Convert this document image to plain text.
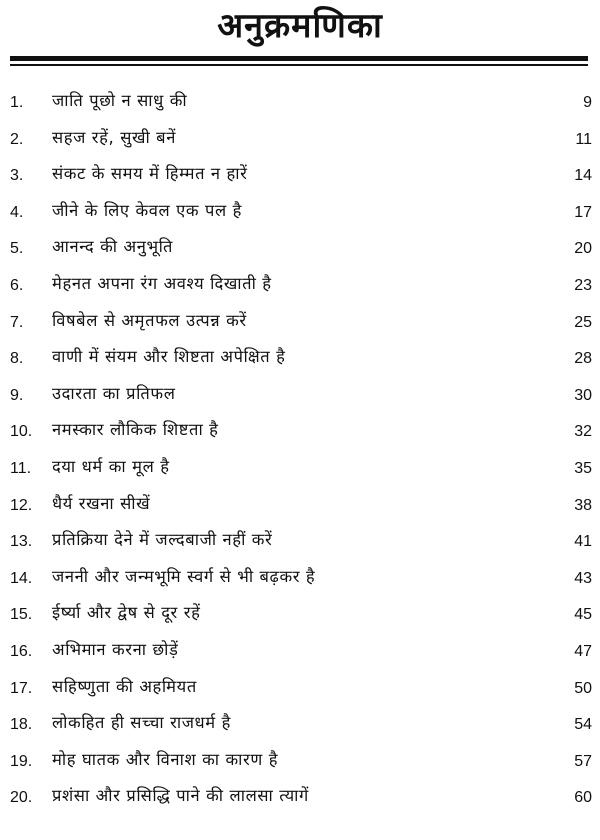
अनुक्रमणिका
1. जाति पूछो न साधु की	9
2. सहज रहें, सुखी बनें	11
3. संकट के समय में हिम्मत न हारें	14
4. जीने के लिए केवल एक पल है	17
5. आनन्द की अनुभूति	20
6. मेहनत अपना रंग अवश्य दिखाती है	23
7. विषबेल से अमृतफल उत्पन्न करें	25
8. वाणी में संयम और शिष्टता अपेक्षित है	28
9. उदारता का प्रतिफल	30
10. नमस्कार लौकिक शिष्टता है	32
11. दया धर्म का मूल है	35
12. धैर्य रखना सीखें	38
13. प्रतिक्रिया देने में जल्दबाजी नहीं करें	41
14. जननी और जन्मभूमि स्वर्ग से भी बढ़कर है	43
15. ईर्ष्या और द्वेष से दूर रहें	45
16. अभिमान करना छोड़ें	47
17. सहिष्णुता की अहमियत	50
18. लोकहित ही सच्चा राजधर्म है	54
19. मोह घातक और विनाश का कारण है	57
20. प्रशंसा और प्रसिद्धि पाने की लालसा त्यागें	60
